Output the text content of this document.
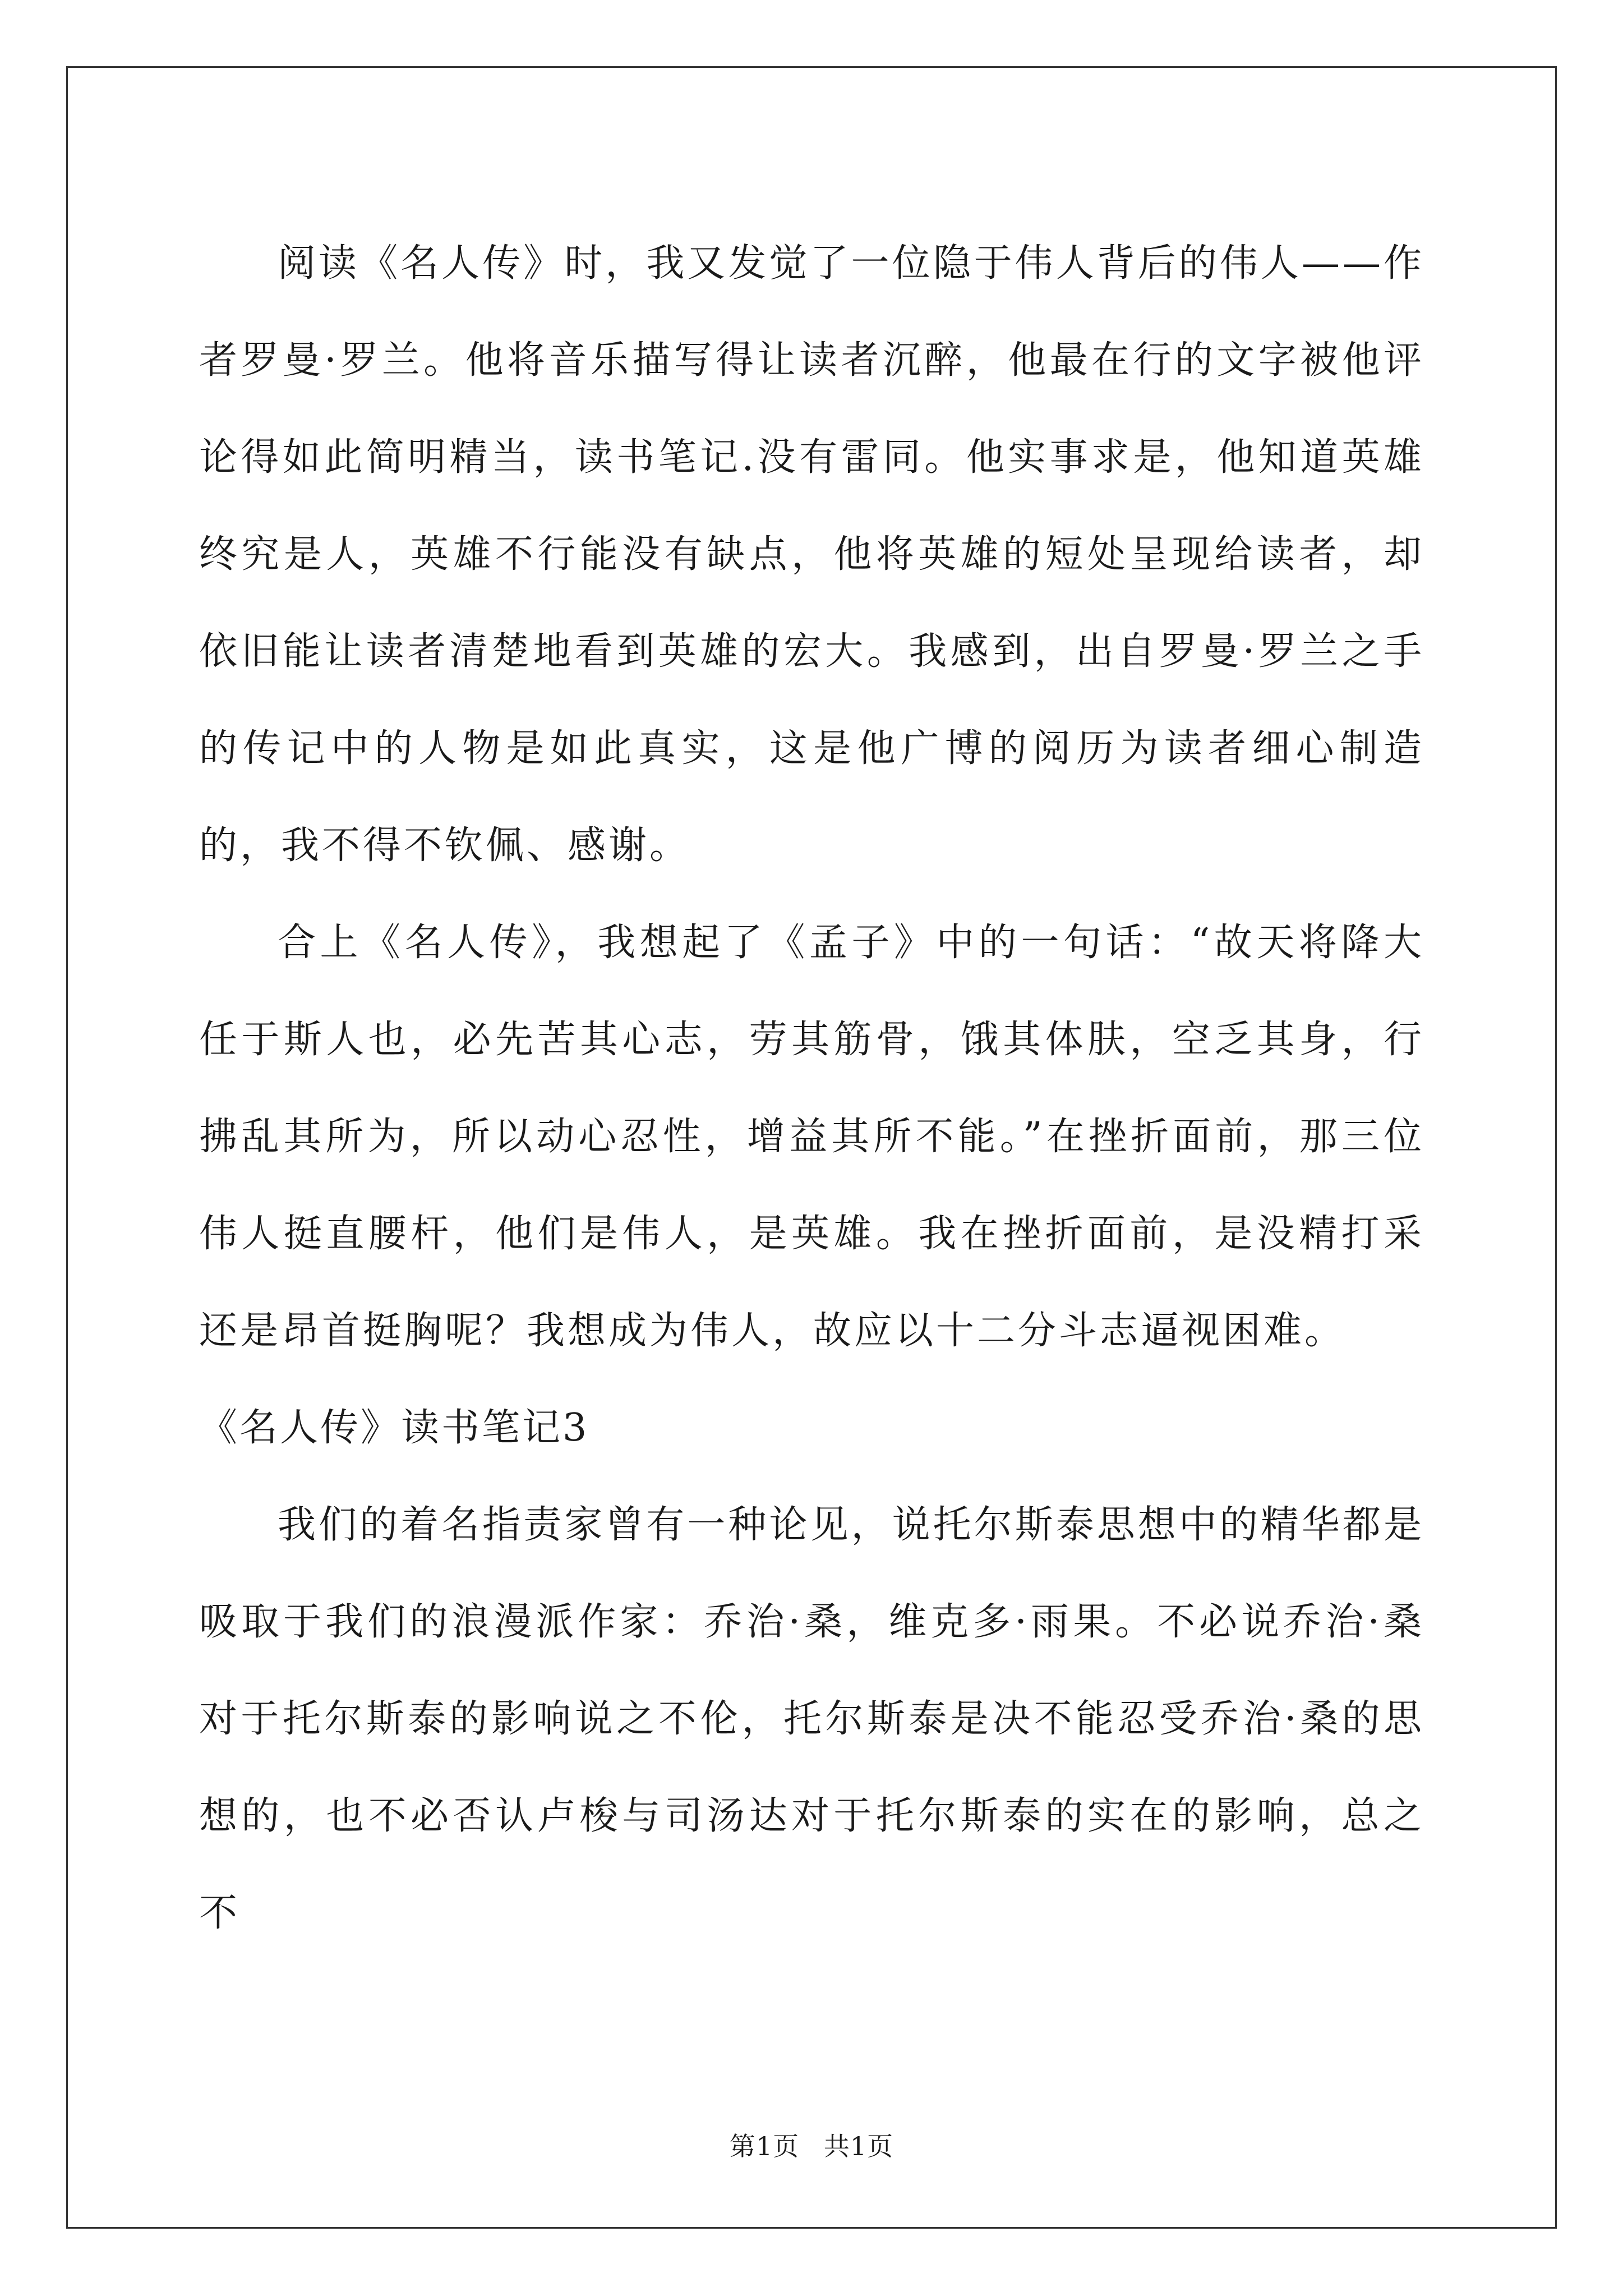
阅读《名人传》时，我又发觉了一位隐于伟人背后的伟人——作者罗曼·罗兰。他将音乐描写得让读者沉醉，他最在行的文字被他评论得如此简明精当，读书笔记.没有雷同。他实事求是，他知道英雄终究是人，英雄不行能没有缺点，他将英雄的短处呈现给读者，却依旧能让读者清楚地看到英雄的宏大。我感到，出自罗曼·罗兰之手的传记中的人物是如此真实，这是他广博的阅历为读者细心制造的，我不得不钦佩、感谢。

合上《名人传》，我想起了《孟子》中的一句话：“故天将降大任于斯人也，必先苦其心志，劳其筋骨，饿其体肤，空乏其身，行拂乱其所为，所以动心忍性，增益其所不能。”在挫折面前，那三位伟人挺直腰杆，他们是伟人，是英雄。我在挫折面前，是没精打采还是昂首挺胸呢？我想成为伟人，故应以十二分斗志逼视困难。

《名人传》读书笔记3

我们的着名指责家曾有一种论见，说托尔斯泰思想中的精华都是吸取于我们的浪漫派作家：乔治·桑，维克多·雨果。不必说乔治·桑对于托尔斯泰的影响说之不伦，托尔斯泰是决不能忍受乔治·桑的思想的，也不必否认卢梭与司汤达对于托尔斯泰的实在的影响，总之不

第1页 共1页
